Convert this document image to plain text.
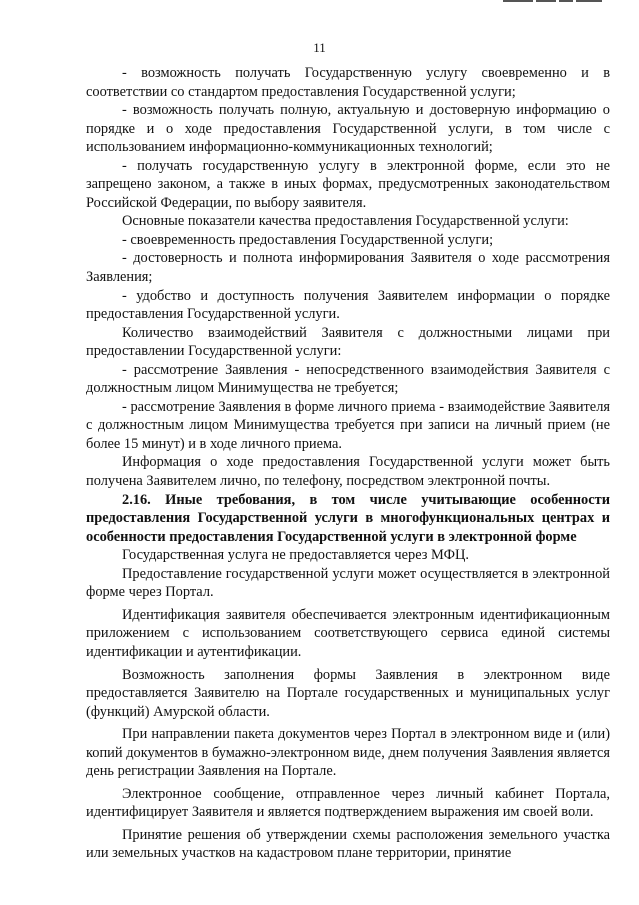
11

- возможность получать Государственную услугу своевременно и в соответствии со стандартом предоставления Государственной услуги;

- возможность получать полную, актуальную и достоверную информацию о порядке и о ходе предоставления Государственной услуги, в том числе с использованием информационно-коммуникационных технологий;

- получать государственную услугу в электронной форме, если это не запрещено законом, а также в иных формах, предусмотренных законодательством Российской Федерации, по выбору заявителя.

Основные показатели качества предоставления Государственной услуги:

- своевременность предоставления Государственной услуги;

- достоверность и полнота информирования Заявителя о ходе рассмотрения Заявления;

- удобство и доступность получения Заявителем информации о порядке предоставления Государственной услуги.

Количество взаимодействий Заявителя с должностными лицами при предоставлении Государственной услуги:

- рассмотрение Заявления - непосредственного взаимодействия Заявителя с должностным лицом Минимущества не требуется;

- рассмотрение Заявления в форме личного приема - взаимодействие Заявителя с должностным лицом Минимущества требуется при записи на личный прием (не более 15 минут) и в ходе личного приема.

Информация о ходе предоставления Государственной услуги может быть получена Заявителем лично, по телефону, посредством электронной почты.

2.16. Иные требования, в том числе учитывающие особенности предоставления Государственной услуги в многофункциональных центрах и особенности предоставления Государственной услуги в электронной форме

Государственная услуга не предоставляется через МФЦ.

Предоставление государственной услуги может осуществляется в электронной форме через Портал.

Идентификация заявителя обеспечивается электронным идентификационным приложением с использованием соответствующего сервиса единой системы идентификации и аутентификации.

Возможность заполнения формы Заявления в электронном виде предоставляется Заявителю на Портале государственных и муниципальных услуг (функций) Амурской области.

При направлении пакета документов через Портал в электронном виде и (или) копий документов в бумажно-электронном виде, днем получения Заявления является день регистрации Заявления на Портале.

Электронное сообщение, отправленное через личный кабинет Портала, идентифицирует Заявителя и является подтверждением выражения им своей воли.

Принятие решения об утверждении схемы расположения земельного участка или земельных участков на кадастровом плане территории, принятие
